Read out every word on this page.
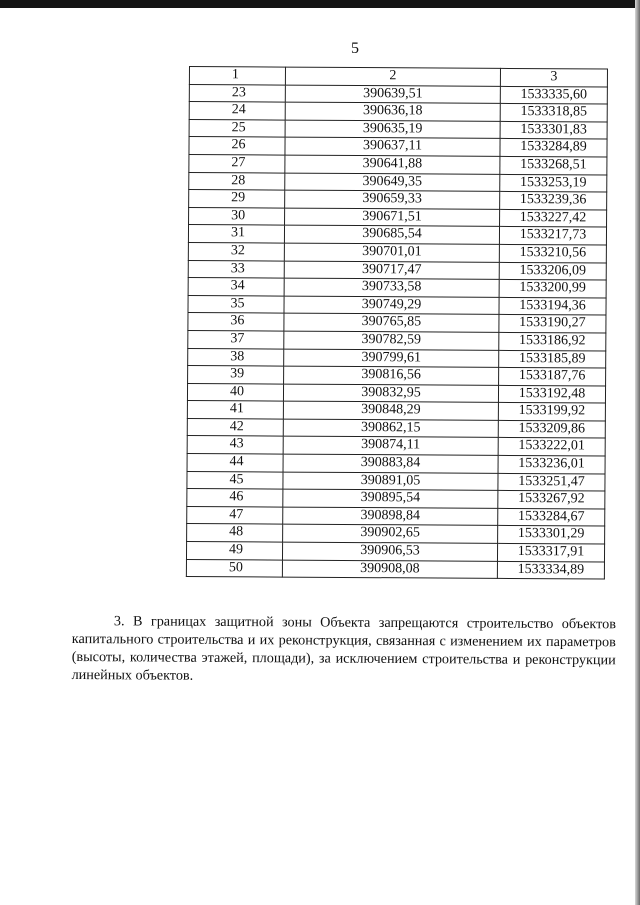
5
1	2	3
23	390639,51	1533335,60
24	390636,18	1533318,85
25	390635,19	1533301,83
26	390637,11	1533284,89
27	390641,88	1533268,51
28	390649,35	1533253,19
29	390659,33	1533239,36
30	390671,51	1533227,42
31	390685,54	1533217,73
32	390701,01	1533210,56
33	390717,47	1533206,09
34	390733,58	1533200,99
35	390749,29	1533194,36
36	390765,85	1533190,27
37	390782,59	1533186,92
38	390799,61	1533185,89
39	390816,56	1533187,76
40	390832,95	1533192,48
41	390848,29	1533199,92
42	390862,15	1533209,86
43	390874,11	1533222,01
44	390883,84	1533236,01
45	390891,05	1533251,47
46	390895,54	1533267,92
47	390898,84	1533284,67
48	390902,65	1533301,29
49	390906,53	1533317,91
50	390908,08	1533334,89

3. В границах защитной зоны Объекта запрещаются строительство объектов капитального строительства и их реконструкция, связанная с изменением их параметров (высоты, количества этажей, площади), за исключением строительства и реконструкции линейных объектов.
